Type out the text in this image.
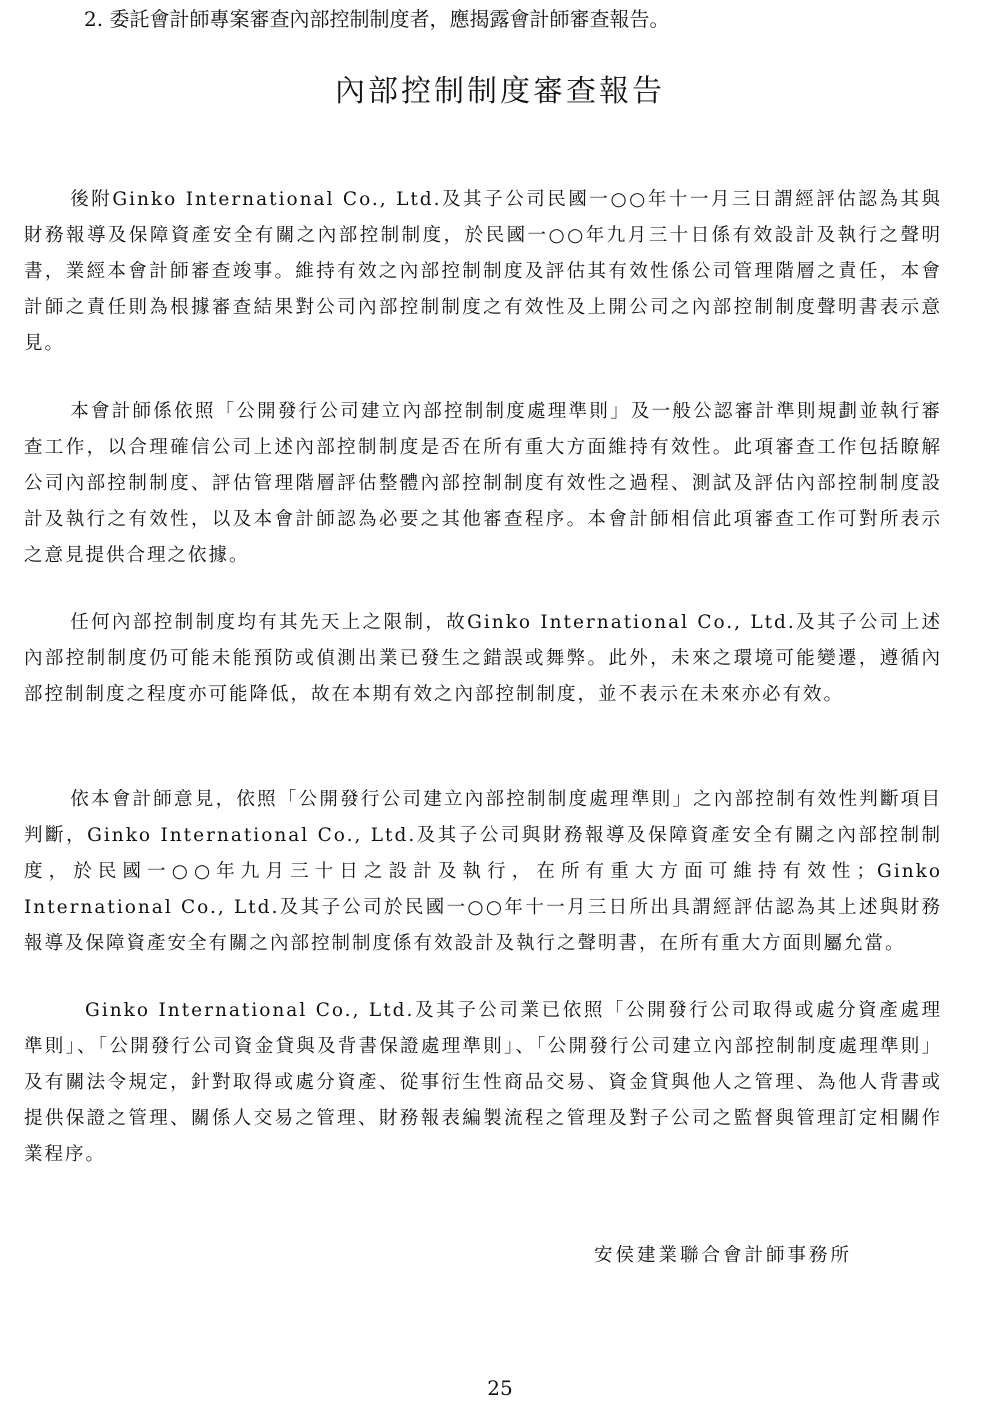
2. 委託會計師專案審查內部控制制度者，應揭露會計師審查報告。
內部控制制度審查報告

後附Ginko International Co., Ltd.及其子公司民國一○○年十一月三日謂經評估認為其與財務報導及保障資產安全有關之內部控制制度，於民國一○○年九月三十日係有效設計及執行之聲明書，業經本會計師審查竣事。維持有效之內部控制制度及評估其有效性係公司管理階層之責任，本會計師之責任則為根據審查結果對公司內部控制制度之有效性及上開公司之內部控制制度聲明書表示意見。

本會計師係依照「公開發行公司建立內部控制制度處理準則」及一般公認審計準則規劃並執行審查工作，以合理確信公司上述內部控制制度是否在所有重大方面維持有效性。此項審查工作包括瞭解公司內部控制制度、評估管理階層評估整體內部控制制度有效性之過程、測試及評估內部控制制度設計及執行之有效性，以及本會計師認為必要之其他審查程序。本會計師相信此項審查工作可對所表示之意見提供合理之依據。

任何內部控制制度均有其先天上之限制，故Ginko International Co., Ltd.及其子公司上述內部控制制度仍可能未能預防或偵測出業已發生之錯誤或舞弊。此外，未來之環境可能變遷，遵循內部控制制度之程度亦可能降低，故在本期有效之內部控制制度，並不表示在未來亦必有效。

依本會計師意見，依照「公開發行公司建立內部控制制度處理準則」之內部控制有效性判斷項目判斷，Ginko International Co., Ltd.及其子公司與財務報導及保障資產安全有關之內部控制制度，於民國一○○年九月三十日之設計及執行，在所有重大方面可維持有效性；Ginko International Co., Ltd.及其子公司於民國一○○年十一月三日所出具謂經評估認為其上述與財務報導及保障資產安全有關之內部控制制度係有效設計及執行之聲明書，在所有重大方面則屬允當。

Ginko International Co., Ltd.及其子公司業已依照「公開發行公司取得或處分資產處理準則」、「公開發行公司資金貸與及背書保證處理準則」、「公開發行公司建立內部控制制度處理準則」及有關法令規定，針對取得或處分資產、從事衍生性商品交易、資金貸與他人之管理、為他人背書或提供保證之管理、關係人交易之管理、財務報表編製流程之管理及對子公司之監督與管理訂定相關作業程序。

安侯建業聯合會計師事務所
25
